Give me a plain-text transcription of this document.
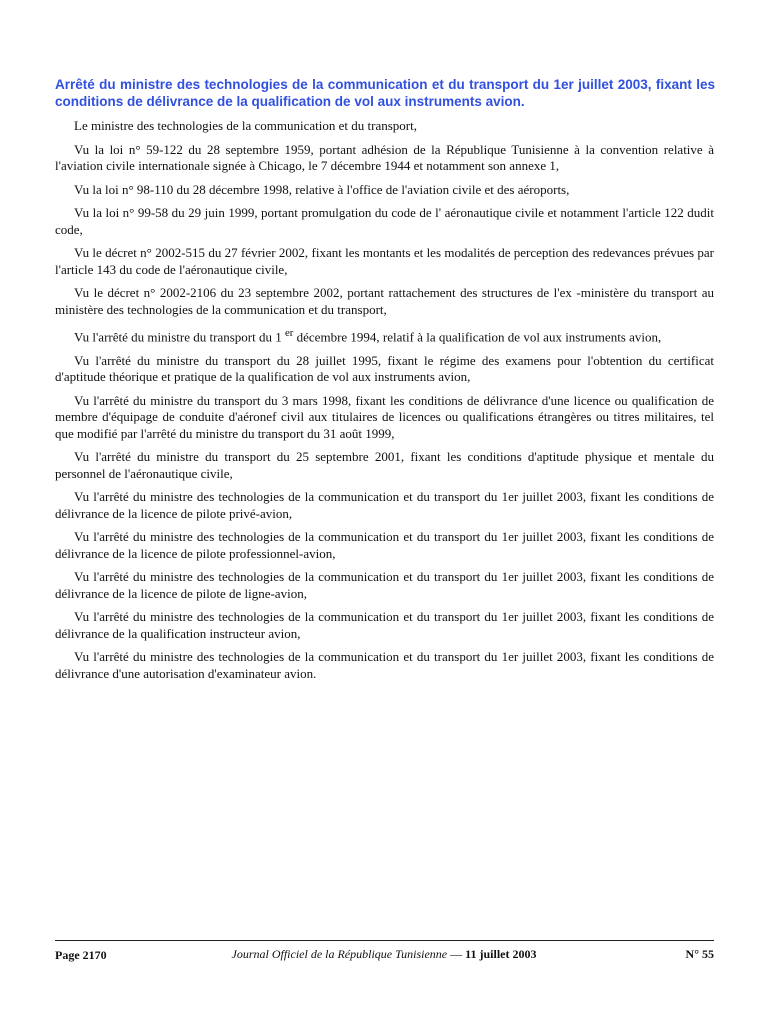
Arrêté du ministre des technologies de la communication et du transport du 1er juillet 2003, fixant les conditions de délivrance de la qualification de vol aux instruments avion.

Le ministre des technologies de la communication et du transport,

Vu la loi n° 59-122 du 28 septembre 1959, portant adhésion de la République Tunisienne à la convention relative à l'aviation civile internationale signée à Chicago, le 7 décembre 1944 et notamment son annexe 1,

Vu la loi n° 98-110 du 28 décembre 1998, relative à l'office de l'aviation civile et des aéroports,

Vu la loi n° 99-58 du 29 juin 1999, portant promulgation du code de l' aéronautique civile et notamment l'article 122 dudit code,

Vu le décret n° 2002-515 du 27 février 2002, fixant les montants et les modalités de perception des redevances prévues par l'article 143 du code de l'aéronautique civile,

Vu le décret n° 2002-2106 du 23 septembre 2002, portant rattachement des structures de l'ex -ministère du transport au ministère des technologies de la communication et du transport,

Vu l'arrêté du ministre du transport du 1 $^{er}$ décembre 1994, relatif à la qualification de vol aux instruments avion,

Vu l'arrêté du ministre du transport du 28 juillet 1995, fixant le régime des examens pour l'obtention du certificat d'aptitude théorique et pratique de la qualification de vol aux instruments avion,

Vu l'arrêté du ministre du transport du 3 mars 1998, fixant les conditions de délivrance d'une licence ou qualification de membre d'équipage de conduite d'aéronef civil aux titulaires de licences ou qualifications étrangères ou titres militaires, tel que modifié par l'arrêté du ministre du transport du 31 août 1999,

Vu l'arrêté du ministre du transport du 25 septembre 2001, fixant les conditions d'aptitude physique et mentale du personnel de l'aéronautique civile,

Vu l'arrêté du ministre des technologies de la communication et du transport du 1er juillet 2003, fixant les conditions de délivrance de la licence de pilote privé-avion,

Vu l'arrêté du ministre des technologies de la communication et du transport du 1er juillet 2003, fixant les conditions de délivrance de la licence de pilote professionnel-avion,

Vu l'arrêté du ministre des technologies de la communication et du transport du 1er juillet 2003, fixant les conditions de délivrance de la licence de pilote de ligne-avion,

Vu l'arrêté du ministre des technologies de la communication et du transport du 1er juillet 2003, fixant les conditions de délivrance de la qualification instructeur avion,

Vu l'arrêté du ministre des technologies de la communication et du transport du 1er juillet 2003, fixant les conditions de délivrance d'une autorisation d'examinateur avion.

Page 2170	Journal Officiel de la République Tunisienne — 11 juillet 2003	N° 55
